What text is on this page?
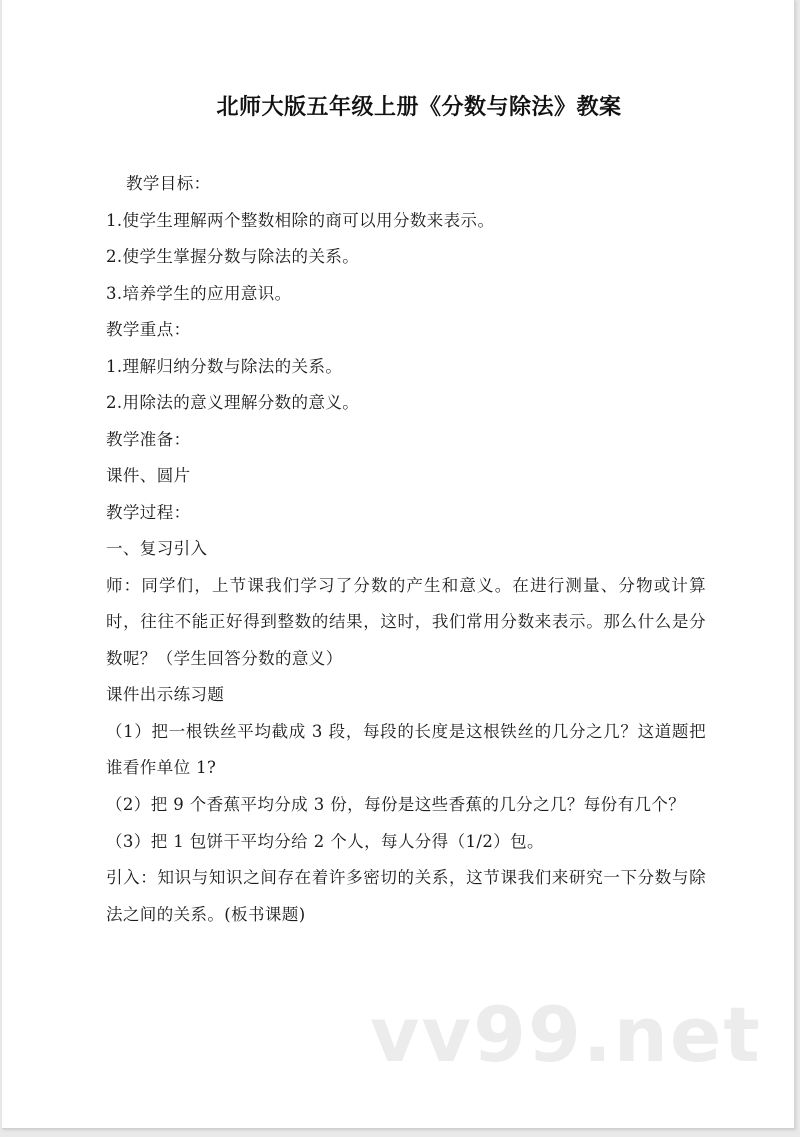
北师大版五年级上册《分数与除法》教案

教学目标：

1.使学生理解两个整数相除的商可以用分数来表示。

2.使学生掌握分数与除法的关系。

3.培养学生的应用意识。

教学重点：

1.理解归纳分数与除法的关系。

2.用除法的意义理解分数的意义。

教学准备：

课件、圆片

教学过程：

一、复习引入

师：同学们，上节课我们学习了分数的产生和意义。在进行测量、分物或计算时，往往不能正好得到整数的结果，这时，我们常用分数来表示。那么什么是分数呢？（学生回答分数的意义）

课件出示练习题

（1）把一根铁丝平均截成 3 段，每段的长度是这根铁丝的几分之几？这道题把谁看作单位 1?

（2）把 9 个香蕉平均分成 3 份，每份是这些香蕉的几分之几？每份有几个？

（3）把 1 包饼干平均分给 2 个人，每人分得（1/2）包。

引入：知识与知识之间存在着许多密切的关系，这节课我们来研究一下分数与除法之间的关系。(板书课题)

vv99.net
